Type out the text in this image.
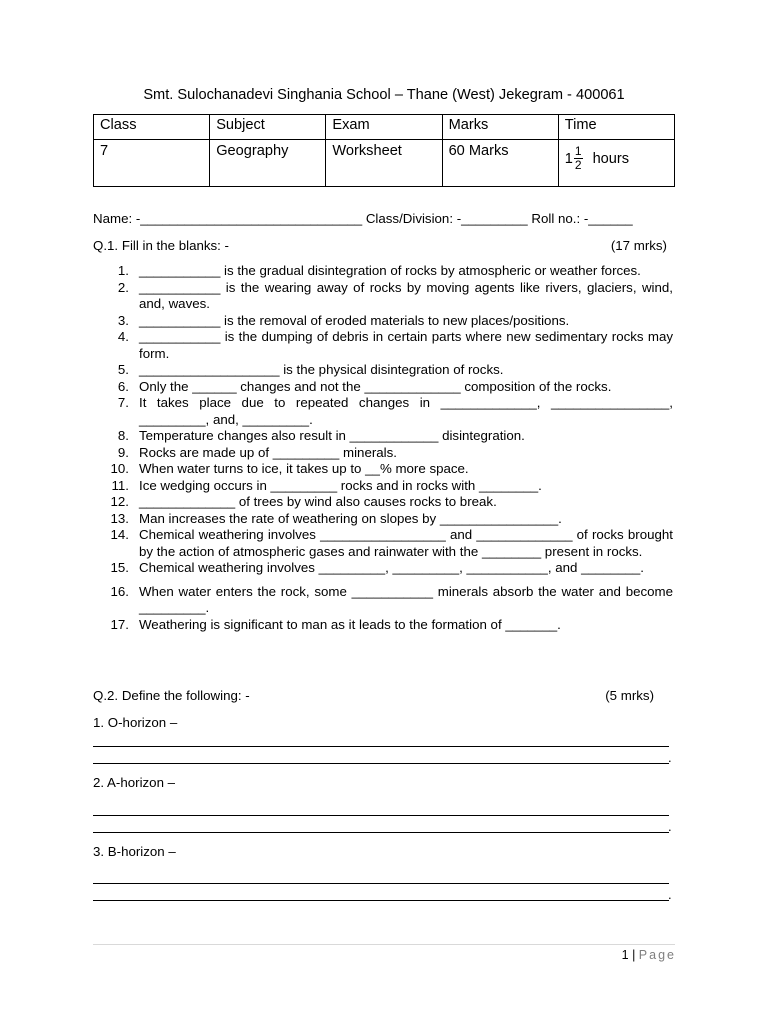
Smt. Sulochanadevi Singhania School – Thane (West) Jekegram - 400061
Class	Subject	Exam	Marks	Time
7	Geography	Worksheet	60 Marks	$1 \frac{1}{2}$ hours
Name: -______________________________ Class/Division: -_________ Roll no.: -______
Q.1. Fill in the blanks: -	(17 mrks)
1. ___________ is the gradual disintegration of rocks by atmospheric or weather forces.
2. ___________ is the wearing away of rocks by moving agents like rivers, glaciers, wind, and, waves.
3. ___________ is the removal of eroded materials to new places/positions.
4. ___________ is the dumping of debris in certain parts where new sedimentary rocks may form.
5. ___________________ is the physical disintegration of rocks.
6. Only the ______ changes and not the _____________ composition of the rocks.
7. It takes place due to repeated changes in _____________, ________________, _________, and, _________.
8. Temperature changes also result in ____________ disintegration.
9. Rocks are made up of _________ minerals.
10. When water turns to ice, it takes up to __% more space.
11. Ice wedging occurs in _________ rocks and in rocks with ________.
12. _____________ of trees by wind also causes rocks to break.
13. Man increases the rate of weathering on slopes by ________________.
14. Chemical weathering involves _________________ and _____________ of rocks brought by the action of atmospheric gases and rainwater with the ________ present in rocks.
15. Chemical weathering involves _________, _________, ___________, and ________.
16. When water enters the rock, some ___________ minerals absorb the water and become _________.
17. Weathering is significant to man as it leads to the formation of _______.
Q.2. Define the following: -	(5 mrks)
1. O-horizon –
.
2. A-horizon –
.
3. B-horizon –
.
1 | Page
